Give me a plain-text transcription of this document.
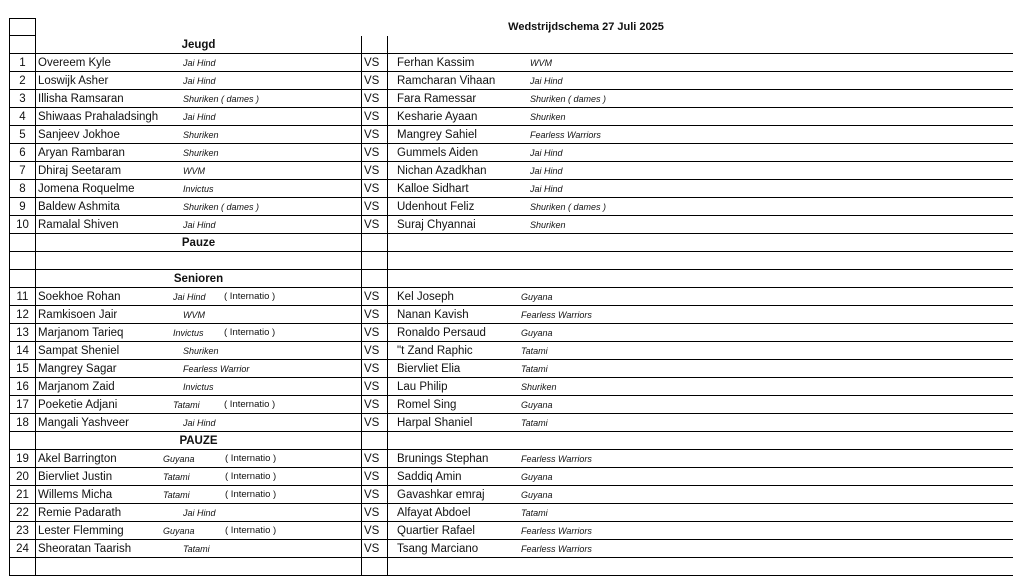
Wedstrijdschema 27 Juli 2025
Jeugd
1	Overeem Kyle	Jai Hind	VS	Ferhan Kassim	WVM
2	Loswijk Asher	Jai Hind	VS	Ramcharan Vihaan	Jai Hind
3	Illisha Ramsaran	Shuriken ( dames )	VS	Fara Ramessar	Shuriken ( dames )
4	Shiwaas Prahaladsingh	Jai Hind	VS	Kesharie Ayaan	Shuriken
5	Sanjeev Jokhoe	Shuriken	VS	Mangrey Sahiel	Fearless Warriors
6	Aryan Rambaran	Shuriken	VS	Gummels Aiden	Jai Hind
7	Dhiraj Seetaram	WVM	VS	Nichan Azadkhan	Jai Hind
8	Jomena Roquelme	Invictus	VS	Kalloe Sidhart	Jai Hind
9	Baldew Ashmita	Shuriken ( dames )	VS	Udenhout Feliz	Shuriken ( dames )
10 Ramalal Shiven	Jai Hind	VS	Suraj Chyannai	Shuriken
Pauze
Senioren
11 Soekhoe Rohan	Jai Hind ( Internatio )	VS	Kel Joseph	Guyana
12 Ramkisoen Jair	WVM	VS	Nanan Kavish	Fearless Warriors
13 Marjanom Tarieq	Invictus ( Internatio )	VS	Ronaldo Persaud	Guyana
14 Sampat Sheniel	Shuriken	VS	"t Zand Raphic	Tatami
15 Mangrey Sagar	Fearless Warrior	VS	Biervliet Elia	Tatami
16 Marjanom Zaid	Invictus	VS	Lau Philip	Shuriken
17 Poeketie Adjani	Tatami	( Internatio )	VS	Romel Sing	Guyana
18 Mangali Yashveer	Jai Hind	VS	Harpal Shaniel	Tatami
PAUZE
19 Akel Barrington	Guyana	( Internatio )	VS	Brunings Stephan	Fearless Warriors
20 Biervliet Justin	Tatami	( Internatio )	VS	Saddiq Amin	Guyana
21 Willems Micha	Tatami	( Internatio )	VS	Gavashkar emraj	Guyana
22 Remie Padarath	Jai Hind	VS	Alfayat Abdoel	Tatami
23 Lester Flemming	Guyana	( Internatio )	VS	Quartier Rafael	Fearless Warriors
24 Sheoratan Taarish	Tatami	VS	Tsang Marciano	Fearless Warriors
